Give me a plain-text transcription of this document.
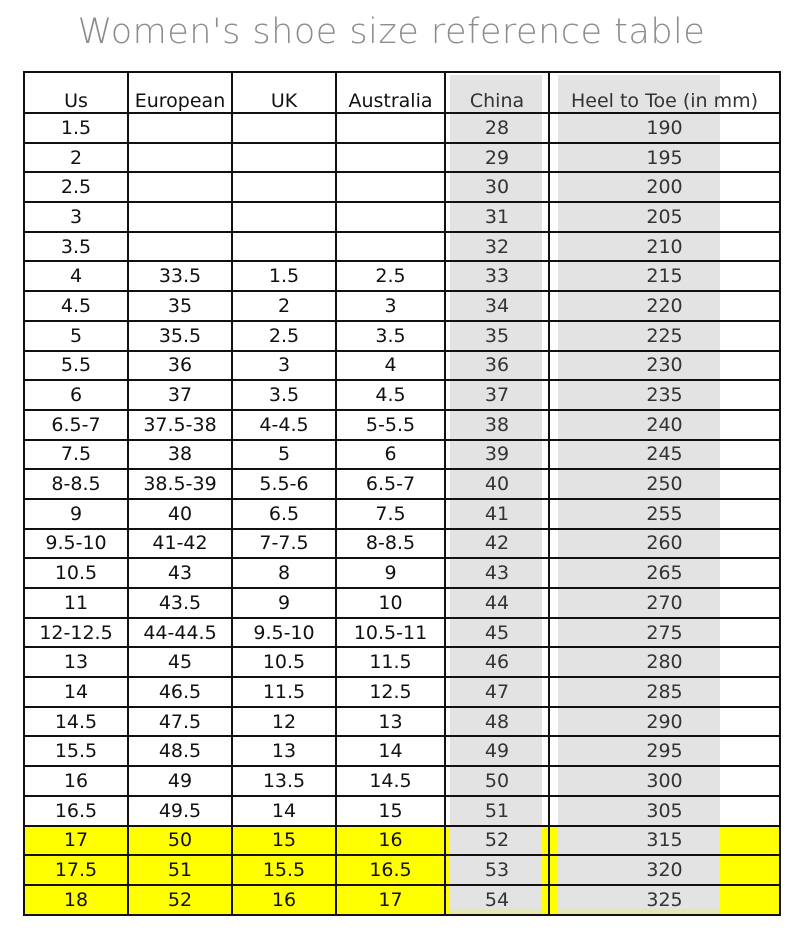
Women's shoe size reference table
Us	European	UK	Australia	China	Heel to Toe (in mm)
1.5				28	190
2				29	195
2.5				30	200
3				31	205
3.5				32	210
4	33.5	1.5	2.5	33	215
4.5	35	2	3	34	220
5	35.5	2.5	3.5	35	225
5.5	36	3	4	36	230
6	37	3.5	4.5	37	235
6.5-7	37.5-38	4-4.5	5-5.5	38	240
7.5	38	5	6	39	245
8-8.5	38.5-39	5.5-6	6.5-7	40	250
9	40	6.5	7.5	41	255
9.5-10	41-42	7-7.5	8-8.5	42	260
10.5	43	8	9	43	265
11	43.5	9	10	44	270
12-12.5	44-44.5	9.5-10	10.5-11	45	275
13	45	10.5	11.5	46	280
14	46.5	11.5	12.5	47	285
14.5	47.5	12	13	48	290
15.5	48.5	13	14	49	295
16	49	13.5	14.5	50	300
16.5	49.5	14	15	51	305
17	50	15	16	52	315
17.5	51	15.5	16.5	53	320
18	52	16	17	54	325
